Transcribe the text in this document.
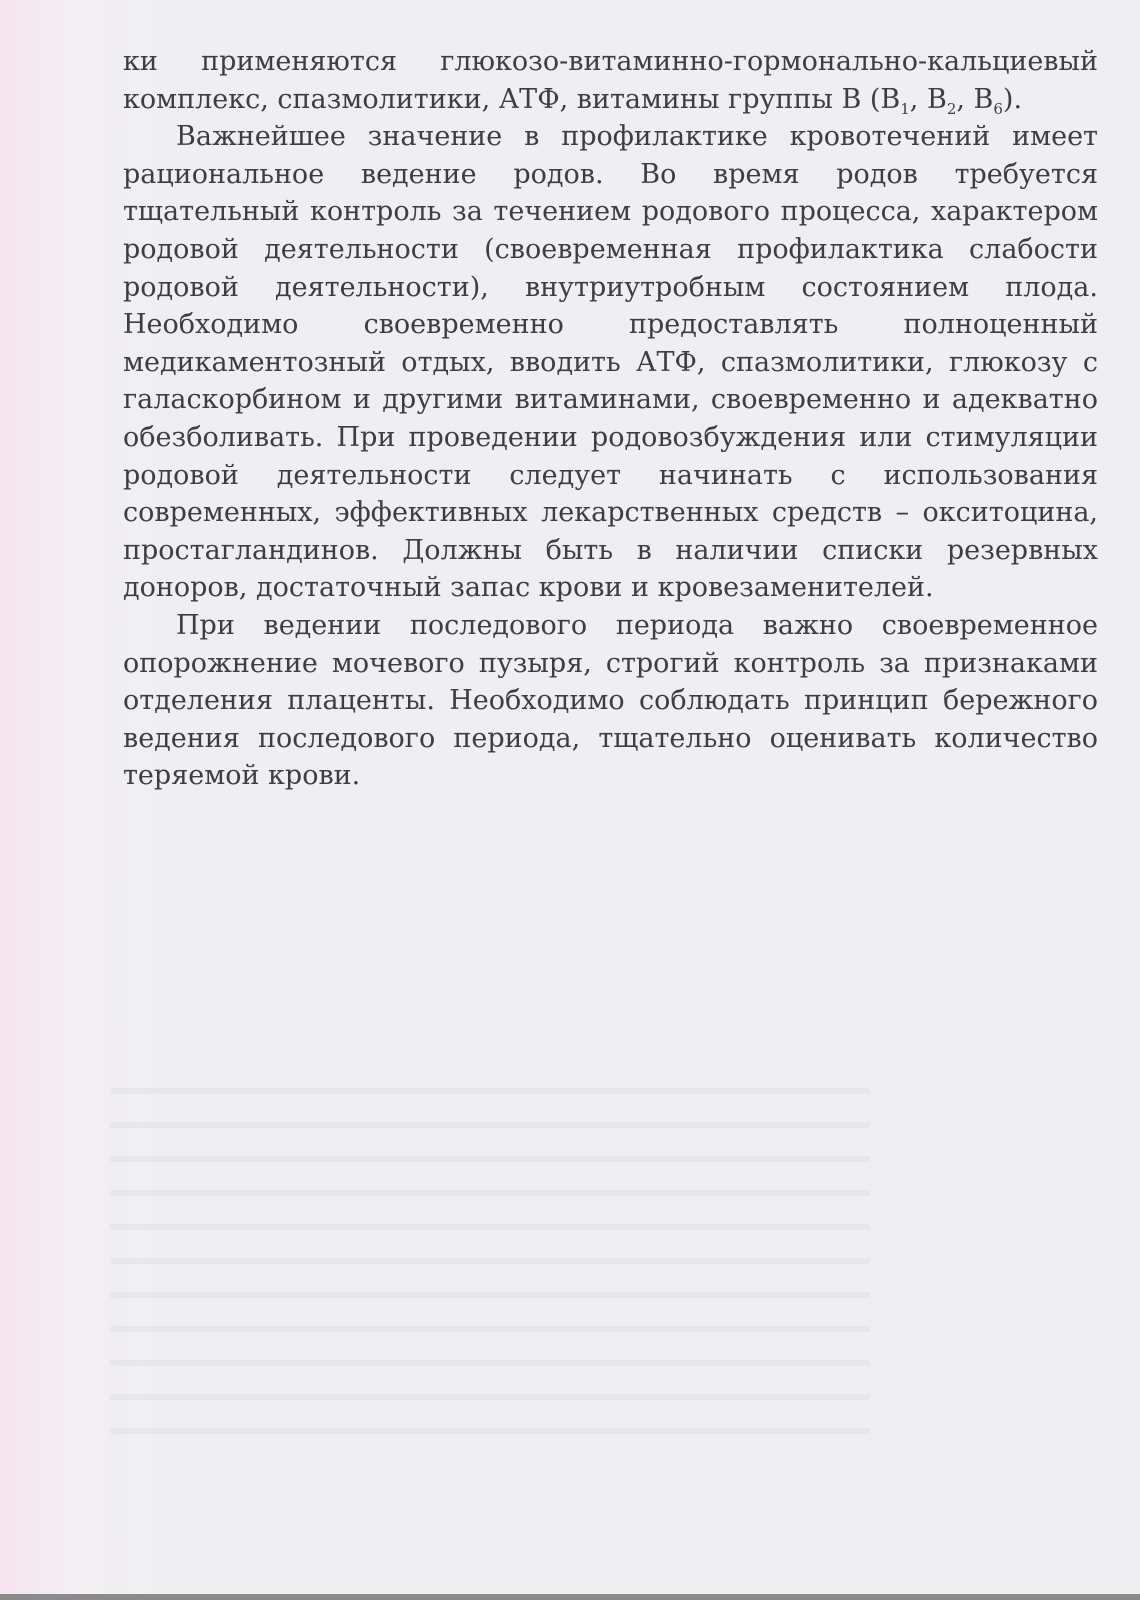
ки применяются глюкозо-витаминно-гормонально-кальциевый комплекс, спазмолитики, АТФ, витамины группы В ($В_1$, $В_2$, $В_6$).

Важнейшее значение в профилактике кровотечений имеет рациональное ведение родов. Во время родов требуется тщательный контроль за течением родового процесса, характером родовой деятельности (своевременная профилактика слабости родовой деятельности), внутриутробным состоянием плода. Необходимо своевременно предоставлять полноценный медикаментозный отдых, вводить АТФ, спазмолитики, глюкозу с галаскорбином и другими витаминами, своевременно и адекватно обезболивать. При проведении родовозбуждения или стимуляции родовой деятельности следует начинать с использования современных, эффективных лекарственных средств – окситоцина, простагландинов. Должны быть в наличии списки резервных доноров, достаточный запас крови и кровезаменителей.

При ведении последового периода важно своевременное опорожнение мочевого пузыря, строгий контроль за признаками отделения плаценты. Необходимо соблюдать принцип бережного ведения последового периода, тщательно оценивать количество теряемой крови.
